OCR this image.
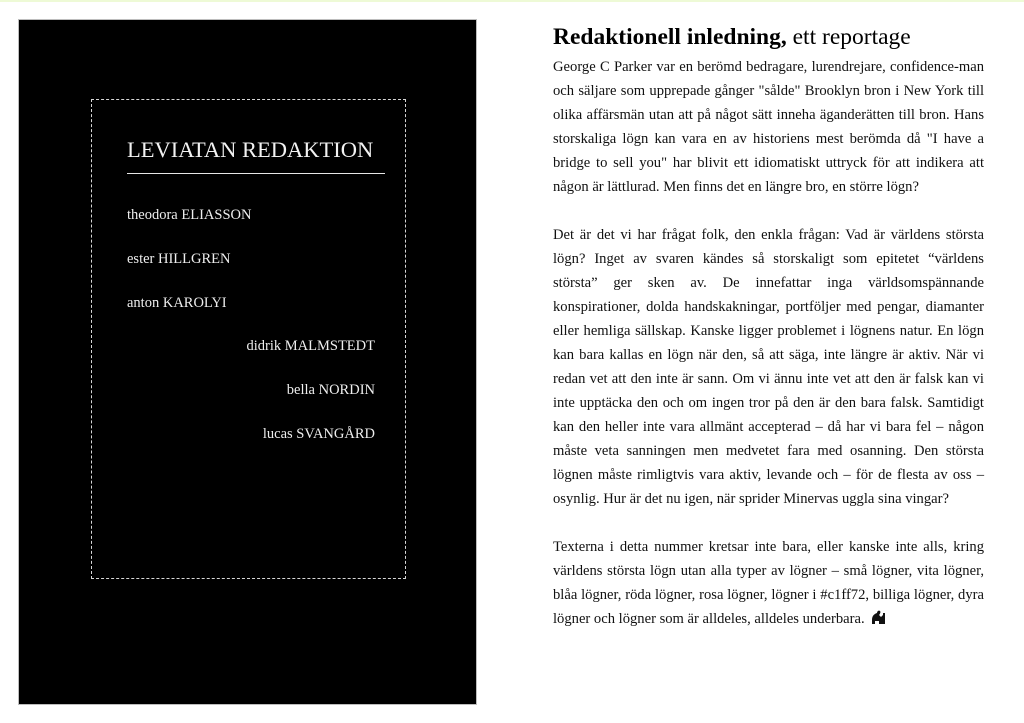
LEVIATAN REDAKTION
theodora ELIASSON
ester HILLGREN
anton KAROLYI
didrik MALMSTEDT
bella NORDIN
lucas SVANGÅRD
Redaktionell inledning, ett reportage

George C Parker var en berömd bedragare, lurendrejare, confidence-man och säljare som upprepade gånger "sålde" Brooklyn bron i New York till olika affärsmän utan att på något sätt inneha äganderätten till bron. Hans storskaliga lögn kan vara en av historiens mest berömda då "I have a bridge to sell you" har blivit ett idiomatiskt uttryck för att indikera att någon är lättlurad. Men finns det en längre bro, en större lögn?

Det är det vi har frågat folk, den enkla frågan: Vad är världens största lögn? Inget av svaren kändes så storskaligt som epitetet “världens största” ger sken av. De innefattar inga världsomspännande konspirationer, dolda handskakningar, portföljer med pengar, diamanter eller hemliga sällskap. Kanske ligger problemet i lögnens natur. En lögn kan bara kallas en lögn när den, så att säga, inte längre är aktiv. När vi redan vet att den inte är sann. Om vi ännu inte vet att den är falsk kan vi inte upptäcka den och om ingen tror på den är den bara falsk. Samtidigt kan den heller inte vara allmänt accepterad – då har vi bara fel – någon måste veta sanningen men medvetet fara med osanning. Den största lögnen måste rimligtvis vara aktiv, levande och – för de flesta av oss – osynlig. Hur är det nu igen, när sprider Minervas uggla sina vingar?

Texterna i detta nummer kretsar inte bara, eller kanske inte alls, kring världens största lögn utan alla typer av lögner – små lögner, vita lögner, blåa lögner, röda lögner, rosa lögner, lögner i #c1ff72, billiga lögner, dyra lögner och lögner som är alldeles, alldeles underbara.
